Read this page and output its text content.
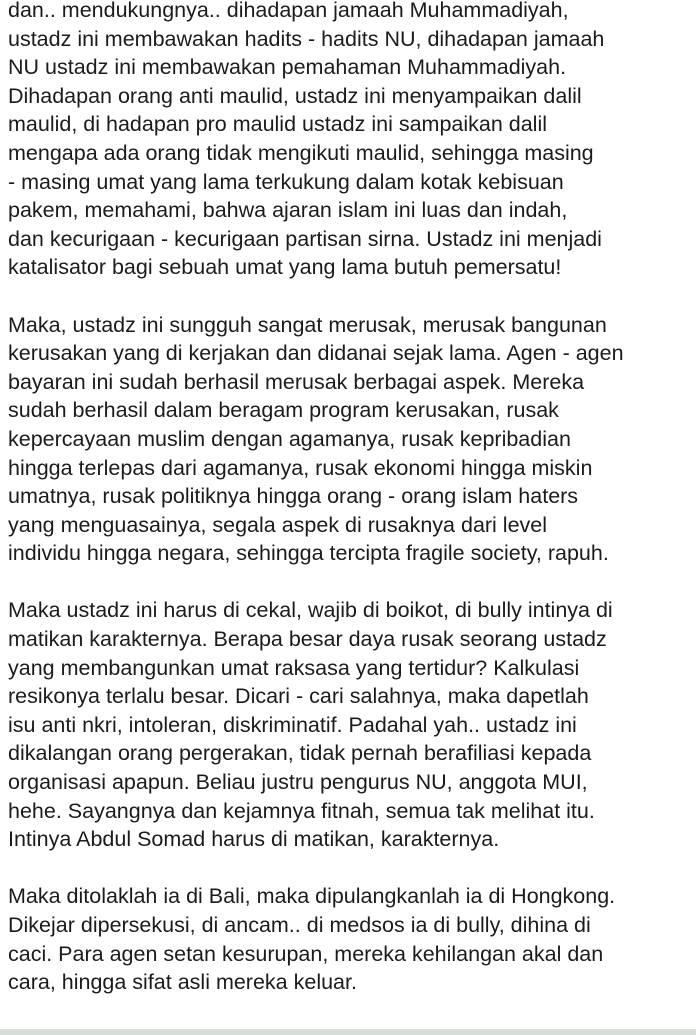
dan.. mendukungnya.. dihadapan jamaah Muhammadiyah,
ustadz ini membawakan hadits - hadits NU, dihadapan jamaah
NU ustadz ini membawakan pemahaman Muhammadiyah.
Dihadapan orang anti maulid, ustadz ini menyampaikan dalil
maulid, di hadapan pro maulid ustadz ini sampaikan dalil
mengapa ada orang tidak mengikuti maulid, sehingga masing
- masing umat yang lama terkukung dalam kotak kebisuan
pakem, memahami, bahwa ajaran islam ini luas dan indah,
dan kecurigaan - kecurigaan partisan sirna. Ustadz ini menjadi
katalisator bagi sebuah umat yang lama butuh pemersatu!

Maka, ustadz ini sungguh sangat merusak, merusak bangunan
kerusakan yang di kerjakan dan didanai sejak lama. Agen - agen
bayaran ini sudah berhasil merusak berbagai aspek. Mereka
sudah berhasil dalam beragam program kerusakan, rusak
kepercayaan muslim dengan agamanya, rusak kepribadian
hingga terlepas dari agamanya, rusak ekonomi hingga miskin
umatnya, rusak politiknya hingga orang - orang islam haters
yang menguasainya, segala aspek di rusaknya dari level
individu hingga negara, sehingga tercipta fragile society, rapuh.

Maka ustadz ini harus di cekal, wajib di boikot, di bully intinya di
matikan karakternya. Berapa besar daya rusak seorang ustadz
yang membangunkan umat raksasa yang tertidur? Kalkulasi
resikonya terlalu besar. Dicari - cari salahnya, maka dapetlah
isu anti nkri, intoleran, diskriminatif. Padahal yah.. ustadz ini
dikalangan orang pergerakan, tidak pernah berafiliasi kepada
organisasi apapun. Beliau justru pengurus NU, anggota MUI,
hehe. Sayangnya dan kejamnya fitnah, semua tak melihat itu.
Intinya Abdul Somad harus di matikan, karakternya.

Maka ditolaklah ia di Bali, maka dipulangkanlah ia di Hongkong.
Dikejar dipersekusi, di ancam.. di medsos ia di bully, dihina di
caci. Para agen setan kesurupan, mereka kehilangan akal dan
cara, hingga sifat asli mereka keluar.
